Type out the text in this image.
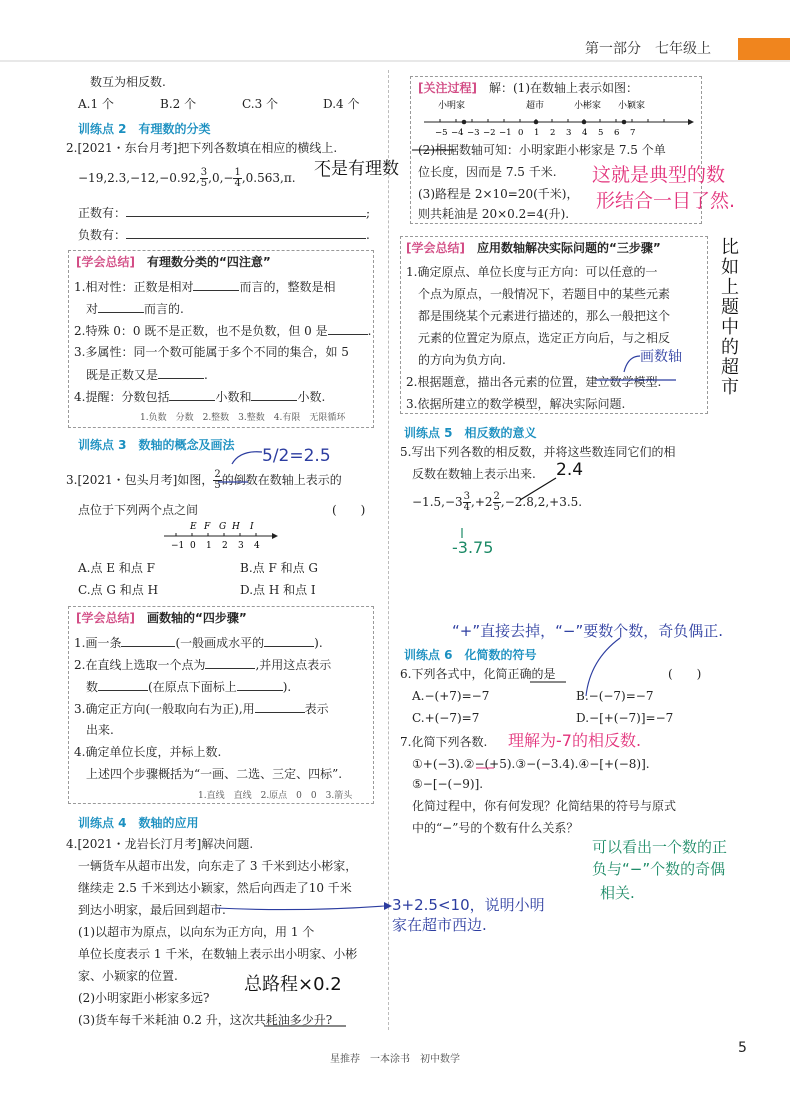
第一部分　七年级上
数互为相反数.
A.1 个	B.2 个	C.3 个	D.4 个
训练点 2　有理数的分类
2.[2021・东台月考]把下列各数填在相应的横线上.
−19,2.3,−12,−0.92, $\frac{3}{5} ,0,- \frac{1}{4} ,0.563,\pi$.
正数有：	;
负数有：	.
[学会总结]　 有理数分类的“四注意”
1.相对性：正数是相对	而言的，整数是相
对	而言的.
2.特殊 0：0 既不是正数，也不是负数，但 0 是	.
3.多属性：同一个数可能属于多个不同的集合，如 5
既是正数又是	.
4.提醒：分数包括	小数和	小数.
1.负数　分数　2.整数　3.整数　4.有限　无限循环
训练点 3　数轴的概念及画法
3.[2021・包头月考]如图， $\frac{2}{5}$ 的倒数在数轴上表示的
点位于下列两个点之间	(　　)
E F G H I
−1 0 1 2 3 4
A.点 E 和点 F	B.点 F 和点 G
C.点 G 和点 H	D.点 H 和点 I
[学会总结]　 画数轴的“四步骤”
1.画一条	(一般画成水平的	).
2.在直线上选取一个点为	,并用这点表示
数	(在原点下面标上	).
3.确定正方向(一般取向右为正),用	表示
出来.
4.确定单位长度，并标上数.
上述四个步骤概括为“一画、二选、三定、四标”.
1.直线　直线　2.原点　0　0　3.箭头
训练点 4　数轴的应用
4.[2021・龙岩长汀月考]解决问题.
一辆货车从超市出发，向东走了 3 千米到达小彬家，
继续走 2.5 千米到达小颖家，然后向西走了10 千米
到达小明家，最后回到超市.
(1)以超市为原点，以向东为正方向，用 1 个
单位长度表示 1 千米，在数轴上表示出小明家、小彬
家、小颖家的位置.
(2)小明家距小彬家多远?
(3)货车每千米耗油 0.2 升，这次共耗油多少升?
[关注过程]　 解：(1)在数轴上表示如图：
小明家	超市	小彬家 小颖家
−5 −4 −3 −2 −1 0 1 2 3 4 5 6 7
(2)根据数轴可知：小明家距小彬家是 7.5 个单
位长度，因而是 7.5 千米.
(3)路程是 2×10=20(千米)，
则共耗油是 20×0.2=4(升).
[学会总结]　 应用数轴解决实际问题的“三步骤”
1.确定原点、单位长度与正方向：可以任意的一
个点为原点，一般情况下，若题目中的某些元素
都是围绕某个元素进行描述的，那么一般把这个
元素的位置定为原点，选定正方向后，与之相反
的方向为负方向.
2.根据题意，描出各元素的位置，建立数学模型.
3.依据所建立的数学模型，解决实际问题.
训练点 5　相反数的意义
5.写出下列各数的相反数，并将这些数连同它们的相
反数在数轴上表示出来.
$-1.5,-3 \frac{3}{4} ,+2 \frac{2}{5} ,-2.8,2,+3.5$.
训练点 6　化简数的符号
6.下列各式中，化简正确的是	(　　)
A.−(+7)=−7	B.−(−7)=−7
C.+(−7)=7	D.−[+(−7)]=−7
7.化简下列各数.
①+(−3).②−(+5).③−(−3.4).④−[+(−8)].
⑤−[−(−9)].
化简过程中，你有何发现？化简结果的符号与原式
中的“−”号的个数有什么关系？
不是有理数
5/2=2.5
这就是典型的数
形结合一目了然.
比如上题中的超市
画数轴
2.4
-3.75
“+”直接去掉，“−”要数个数，奇负偶正.
理解为-7的相反数.
3+2.5<10，说明小明
家在超市西边.
总路程×0.2
可以看出一个数的正
负与“−”个数的奇偶
相关.
星推荐　一本涂书　初中数学
5
